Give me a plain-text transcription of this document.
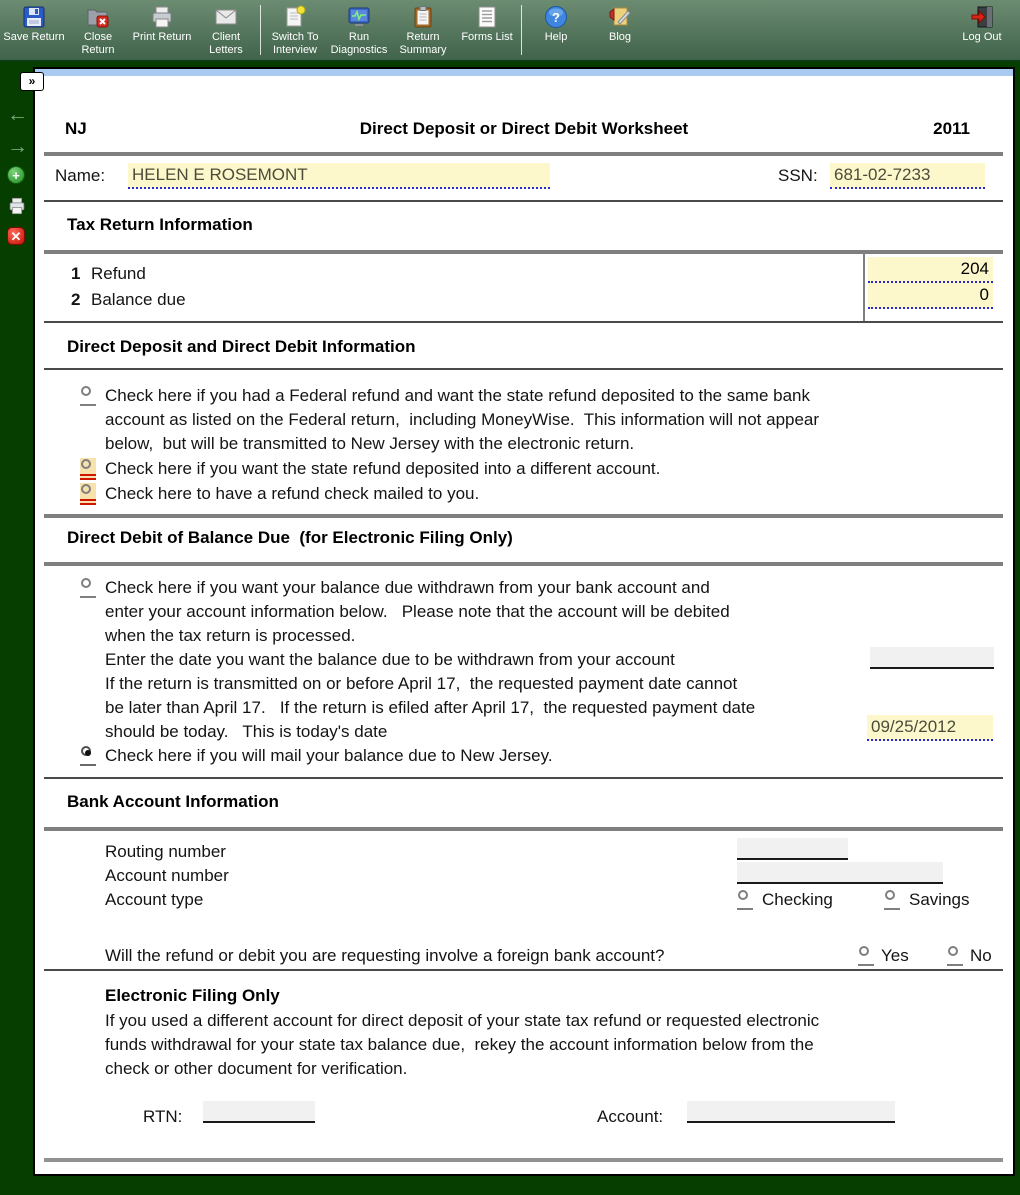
Save Return	Close Return
Print Return	Client Letters
Switch To Interview
Run Diagnostics
Return Summary
Forms List
?
Help	Blog	Log Out
←
→
+
✕
»
NJ	Direct Deposit or Direct Debit Worksheet	2011
Name: HELEN E ROSEMONT	SSN: 681-02-7233
Tax Return Information
1 Refund	204
2 Balance due	0
Direct Deposit and Direct Debit Information
Check here if you had a Federal refund and want the state refund deposited to the same bank
account as listed on the Federal return,  including MoneyWise.  This information will not appear
below,  but will be transmitted to New Jersey with the electronic return.
Check here if you want the state refund deposited into a different account.
Check here to have a refund check mailed to you.
Direct Debit of Balance Due  (for Electronic Filing Only)
Check here if you want your balance due withdrawn from your bank account and
enter your account information below.   Please note that the account will be debited
when the tax return is processed.
Enter the date you want the balance due to be withdrawn from your account
If the return is transmitted on or before April 17,  the requested payment date cannot
be later than April 17.   If the return is efiled after April 17,  the requested payment date
should be today.   This is today's date	09/25/2012
Check here if you will mail your balance due to New Jersey.
Bank Account Information
Routing number
Account number
Account type	Checking	Savings
Will the refund or debit you are requesting involve a foreign bank account?	Yes	No
Electronic Filing Only
If you used a different account for direct deposit of your state tax refund or requested electronic
funds withdrawal for your state tax balance due,  rekey the account information below from the
check or other document for verification.
RTN:	Account:
